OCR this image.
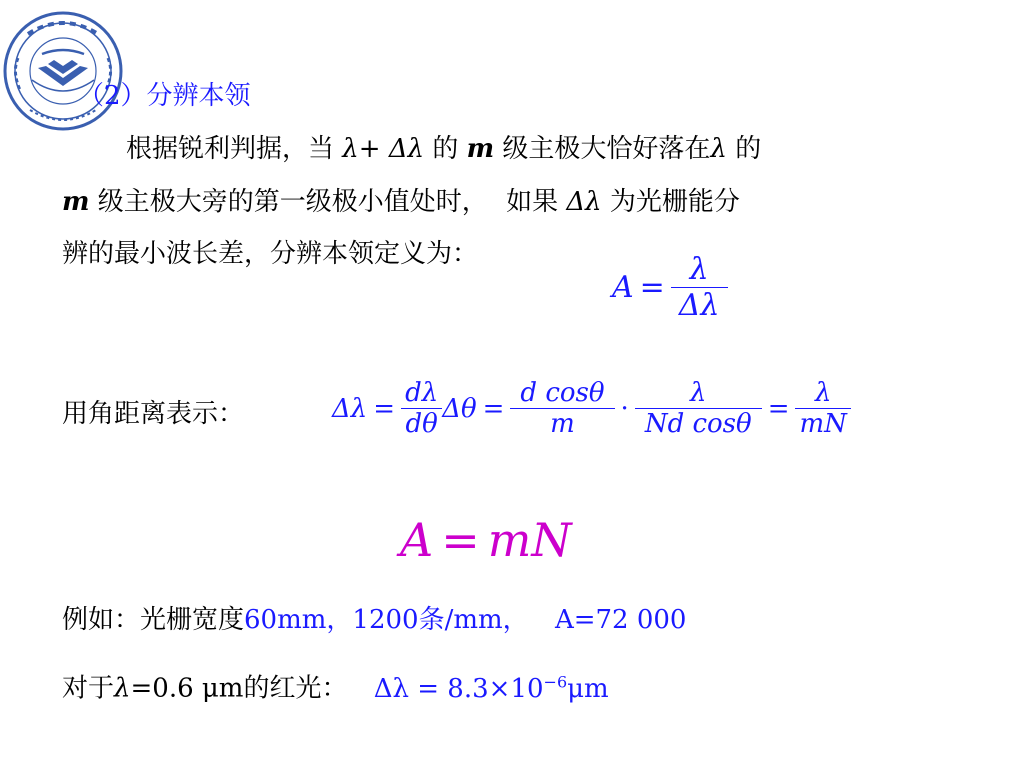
（2）分辨本领
根据锐利判据，当 λ+ Δλ 的 m 级主极大恰好落在λ 的
m 级主极大旁的第一级极小值处时， 如果 Δλ 为光栅能分
辨的最小波长差，分辨本领定义为：
$A = \frac{\lambda}{\Delta\lambda}$
用角距离表示：	$\Delta\lambda = \frac{d\lambda}{d\theta}$ $\Delta\theta = \frac{\text{d cosθ}}{m} \cdot \frac{\lambda}{\text{Nd cosθ}} = \frac{\lambda}{mN}$
A = mN
例如：光栅宽度60mm，1200条/mm， A=72 000
对于λ=0.6 μm的红光： $\Delta\lambda = 8.3\times 10^{-6}\mu m$
